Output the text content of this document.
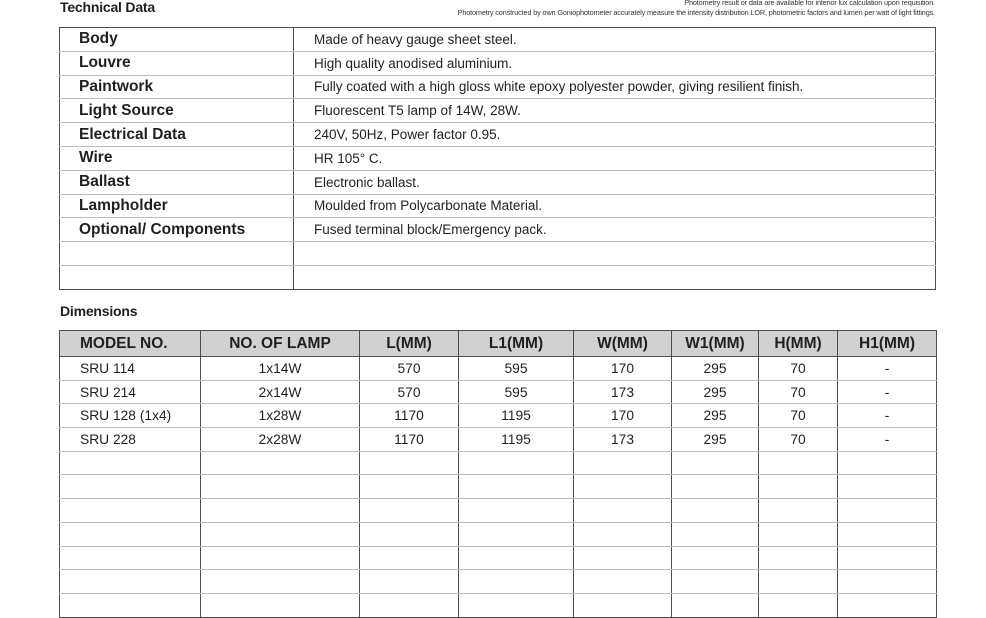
Technical Data	Photometry result or data are available for interior lux calculation upon requisition.
Photometry constructed by own Goniophotometer accurately measure the intensity distribution LOR, photometric factors and lumen per watt of light fittings.
Body	Made of heavy gauge sheet steel.
Louvre	High quality anodised aluminium.
Paintwork	Fully coated with a high gloss white epoxy polyester powder, giving resilient finish.
Light Source	Fluorescent T5 lamp of 14W, 28W.
Electrical Data	240V, 50Hz, Power factor 0.95.
Wire	HR 105° C.
Ballast	Electronic ballast.
Lampholder	Moulded from Polycarbonate Material.
Optional/ Components	Fused terminal block/Emergency pack.

Dimensions
MODEL NO.	NO. OF LAMP	L(MM)	L1(MM)	W(MM)	W1(MM)	H(MM)	H1(MM)
SRU 114	1x14W	570	595	170	295	70	-
SRU 214	2x14W	570	595	173	295	70	-
SRU 128 (1x4)	1x28W	1170	1195	170	295	70	-
SRU 228	2x28W	1170	1195	173	295	70	-
